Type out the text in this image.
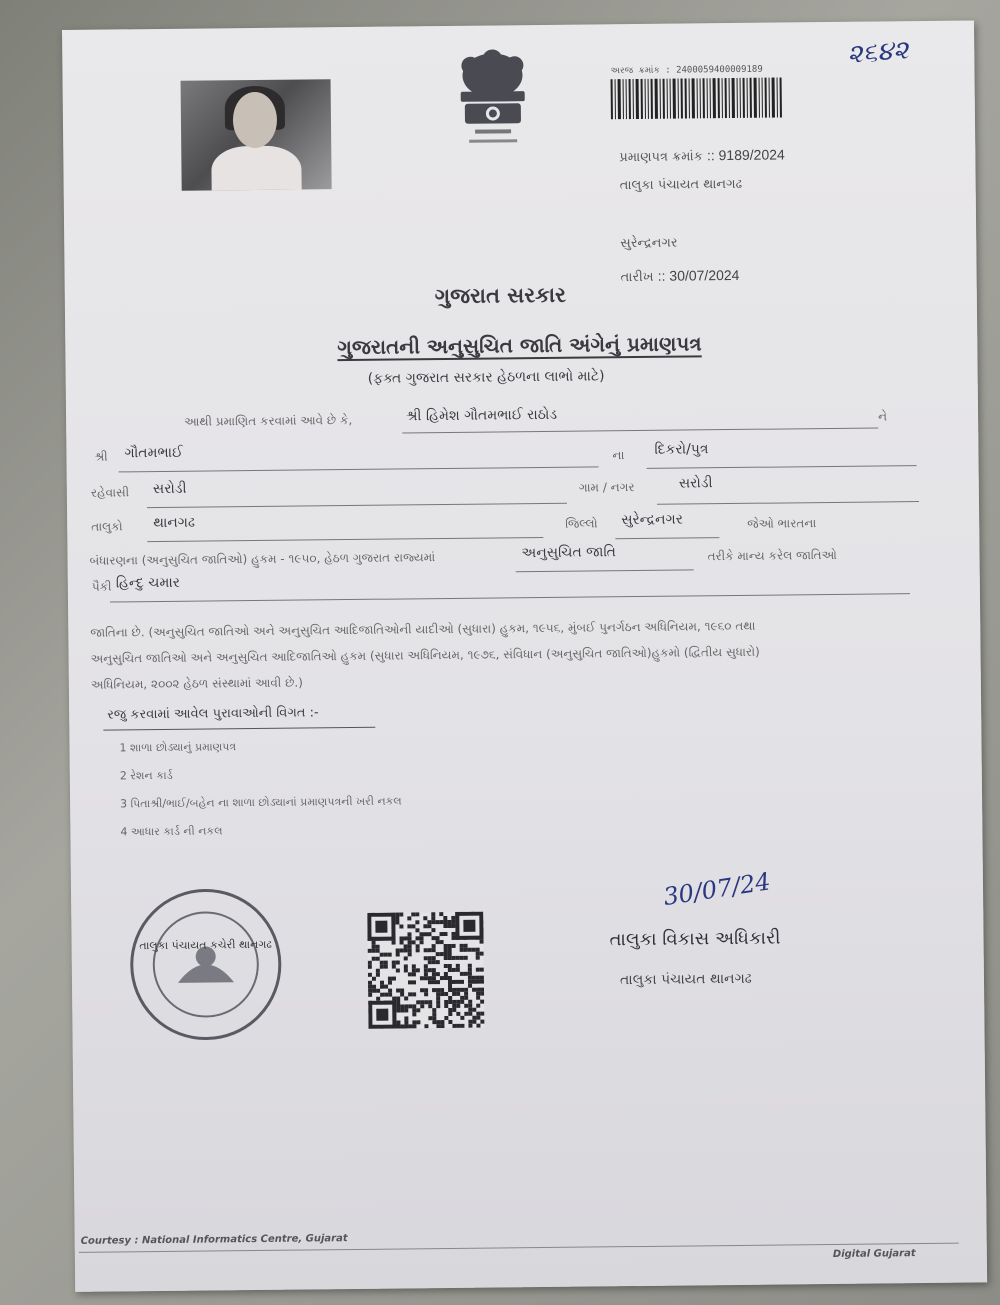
અરજ ક્રમાંક : 2400059400009189
૨૬૪૨
પ્રમાણપત્ર ક્રમાંક :: 9189/2024
તાલુકા પંચાયત થાનગઢ
સુરેન્દ્રનગર
તારીખ :: 30/07/2024
ગુજરાત સરકાર
ગુજરાતની અનુસુચિત જાતિ અંગેનું પ્રમાણપત્ર
(ફક્ત ગુજરાત સરકાર હેઠળના લાભો માટે)
આથી પ્રમાણિત કરવામાં આવે છે કે,	શ્રી હિમેશ ગૌતમભાઈ રાઠોડ	ને
શ્રી ગૌતમભાઈ	ના દિકરો/પુત્ર
રહેવાસી સરોડી	ગામ / નગર	સરોડી
તાલુકો થાનગઢ	જિલ્લો સુરેન્દ્રનગર	જેઓ ભારતના
બંધારણના (અનુસુચિત જાતિઓ) હુકમ - ૧૯૫૦, હેઠળ ગુજરાત રાજ્યમાં	અનુસુચિત જાતિ	તરીકે માન્ય કરેલ જાતિઓ
પૈકી હિન્દુ ચમાર
જાતિના છે. (અનુસુચિત જાતિઓ અને અનુસુચિત આદિજાતિઓની યાદીઓ (સુધારા) હુકમ, ૧૯૫૬, મુંબઈ પુનર્ગઠન અધિનિયમ, ૧૯૬૦ તથા
અનુસુચિત જાતિઓ અને અનુસુચિત આદિજાતિઓ હુકમ (સુધારા અધિનિયમ, ૧૯૭૬, સંવિધાન (અનુસુચિત જાતિઓ)હુકમો (દ્વિતીય સુધારો)
અધિનિયમ, ૨૦૦૨ હેઠળ સંસ્થામાં આવી છે.)
રજુ કરવામાં આવેલ પુરાવાઓની વિગત :-
1 શાળા છોડ્યાનું પ્રમાણપત્ર
2 રેશન કાર્ડ
3 પિતાશ્રી/ભાઈ/બહેન ના શાળા છોડ્યાનાં પ્રમાણપત્રની ખરી નકલ
4 આધાર કાર્ડ ની નકલ
તાલુકા પંચાયત કચેરી થાનગઢ
30/07/24
તાલુકા વિકાસ અધિકારી
તાલુકા પંચાયત થાનગઢ
Courtesy : National Informatics Centre, Gujarat
Digital Gujarat
